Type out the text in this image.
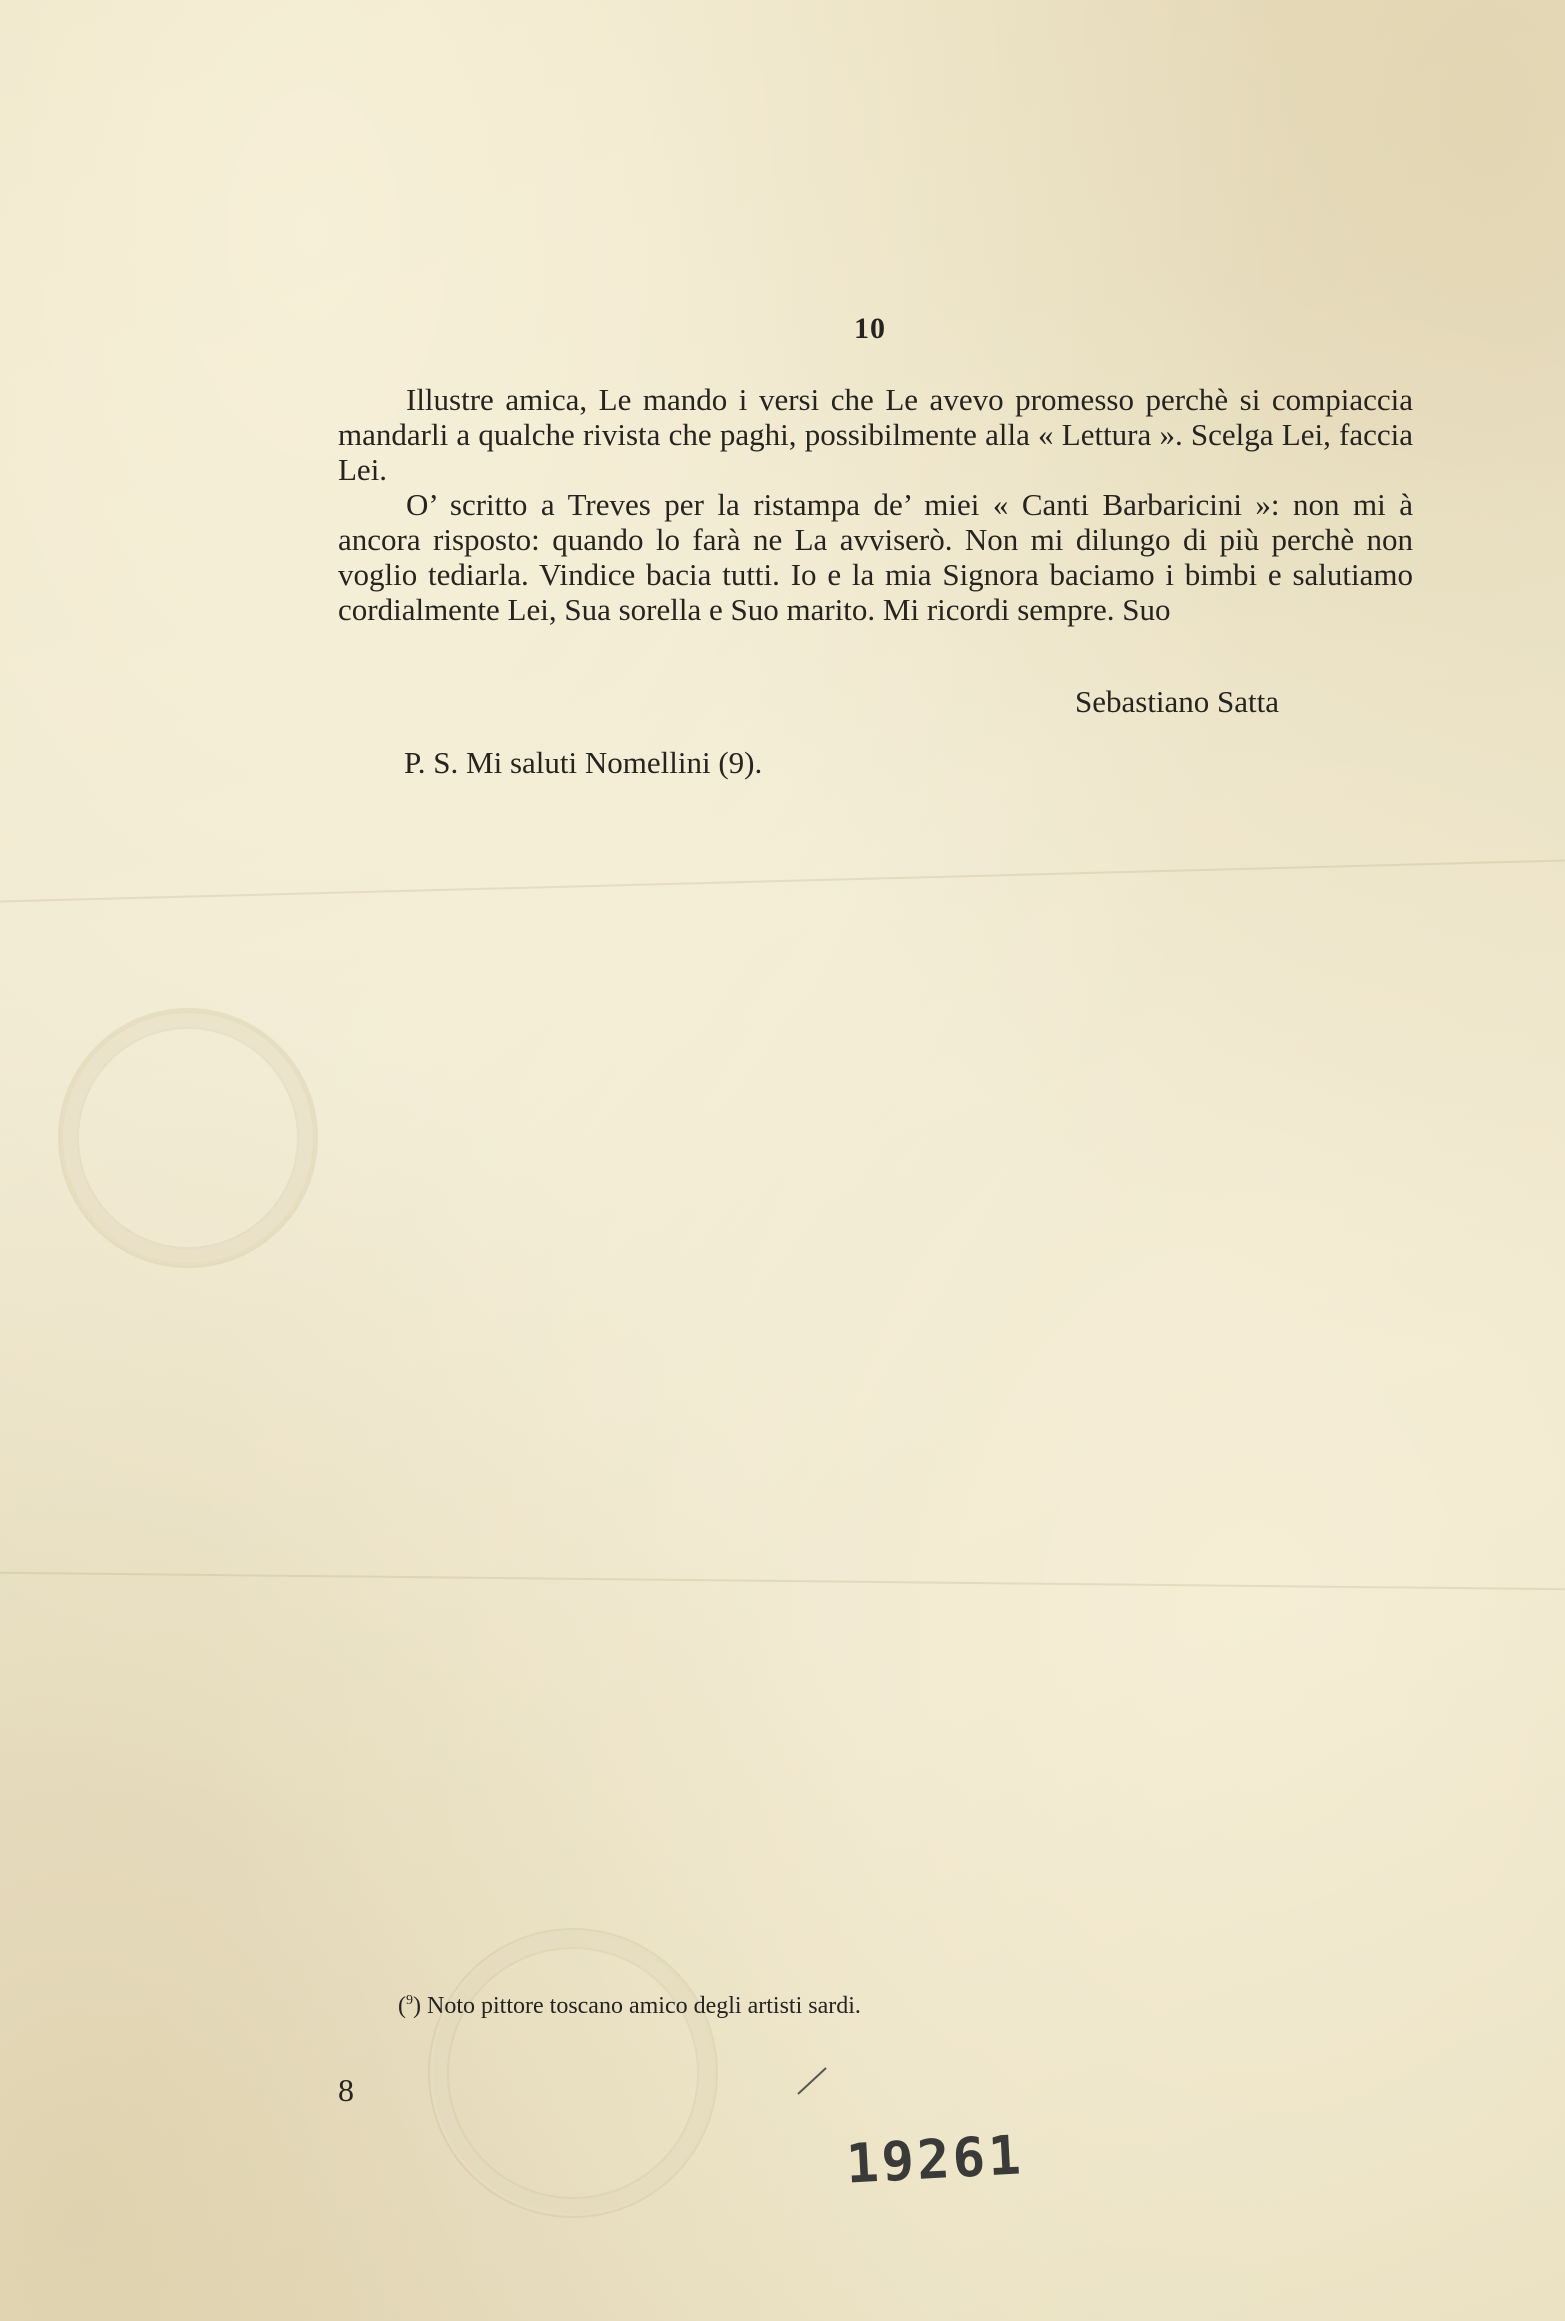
10

Illustre amica, Le mando i versi che Le avevo promesso perchè si compiaccia mandarli a qualche rivista che paghi, possibilmente alla « Lettura ». Scelga Lei, faccia Lei.

O’ scritto a Treves per la ristampa de’ miei « Canti Barbaricini »: non mi à ancora risposto: quando lo farà ne La avviserò. Non mi dilungo di più perchè non voglio tediarla. Vindice bacia tutti. Io e la mia Signora baciamo i bimbi e salutiamo cordialmente Lei, Sua sorella e Suo marito. Mi ricordi sempre. Suo

Sebastiano Satta
P. S. Mi saluti Nomellini (9).
($^9$) Noto pittore toscano amico degli artisti sardi.
8
19261
